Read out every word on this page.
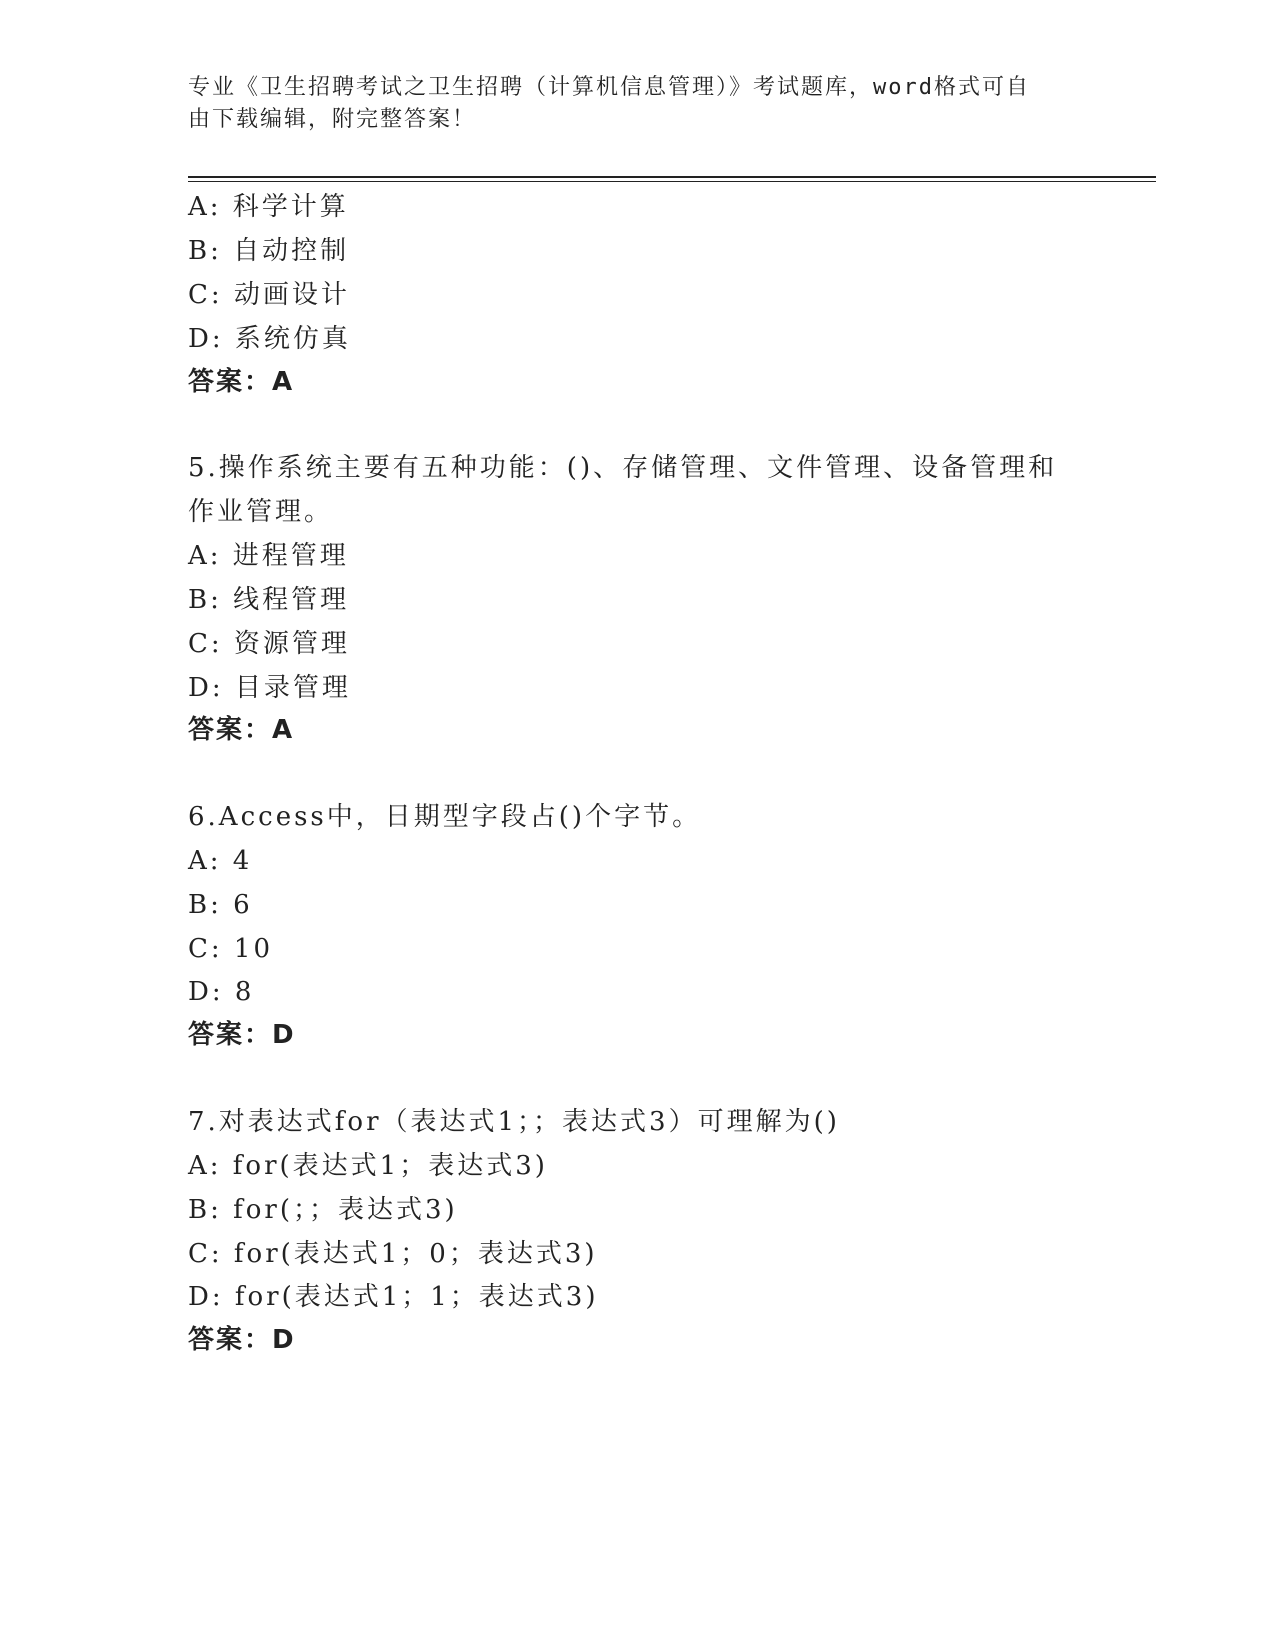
专业《卫生招聘考试之卫生招聘（计算机信息管理）》考试题库，word格式可自
由下载编辑，附完整答案！
A: 科学计算
B: 自动控制
C: 动画设计
D: 系统仿真
答案：A
5.操作系统主要有五种功能：()、存储管理、文件管理、设备管理和
作业管理。
A: 进程管理
B: 线程管理
C: 资源管理
D: 目录管理
答案：A
6.Access中，日期型字段占()个字节。
A: 4
B: 6
C: 10
D: 8
答案：D
7.对表达式for（表达式1；；表达式3）可理解为()
A: for(表达式1；表达式3)
B: for(；；表达式3)
C: for(表达式1；0；表达式3)
D: for(表达式1；1；表达式3)
答案：D
